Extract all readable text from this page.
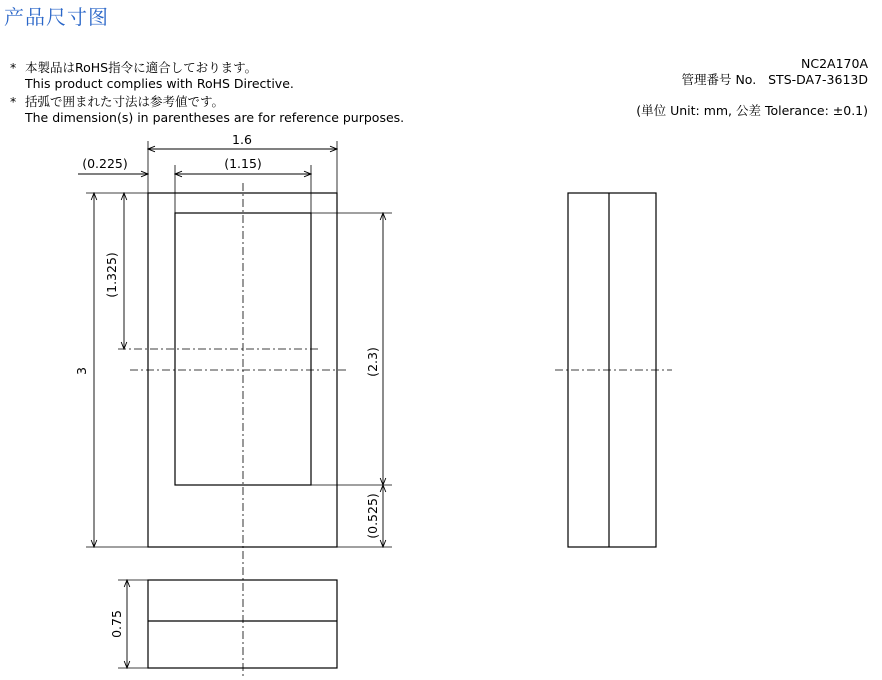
产品尺寸图
* 本製品はRoHS指令に適合しております。
This product complies with RoHS Directive.
* 括弧で囲まれた寸法は参考値です。
The dimension(s) in parentheses are for reference purposes.
NC2A170A
管理番号 No. STS-DA7-3613D
(単位 Unit: mm, 公差 Tolerance: ±0.1)
1.6
(1.15)
(0.225)
3
(1.325)
(2.3)
(0.525)
0.75
